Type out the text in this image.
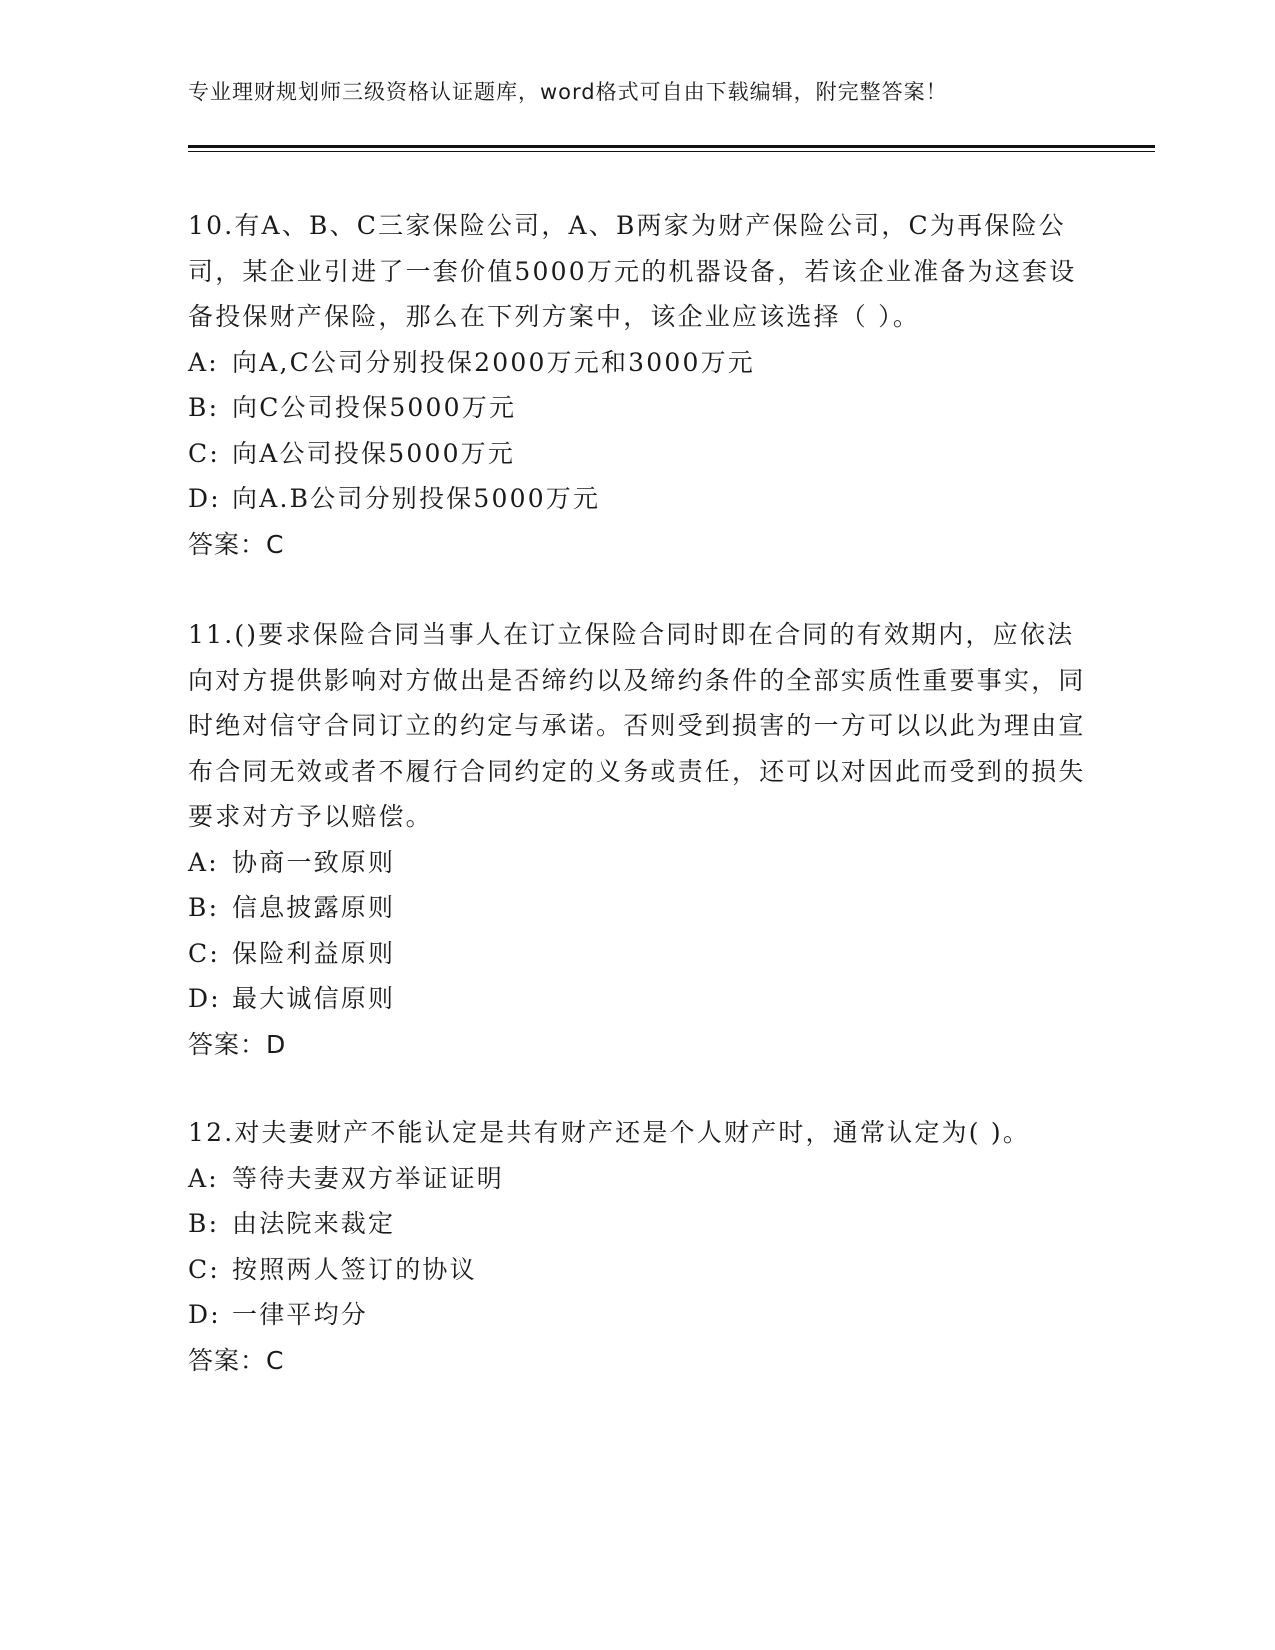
专业理财规划师三级资格认证题库，word格式可自由下载编辑，附完整答案！

10.有A、B、C三家保险公司，A、B两家为财产保险公司，C为再保险公司，某企业引进了一套价值5000万元的机器设备，若该企业准备为这套设备投保财产保险，那么在下列方案中，该企业应该选择（ ）。

A: 向A,C公司分别投保2000万元和3000万元

B: 向C公司投保5000万元

C: 向A公司投保5000万元

D: 向A.B公司分别投保5000万元

答案：C

11.()要求保险合同当事人在订立保险合同时即在合同的有效期内，应依法向对方提供影响对方做出是否缔约以及缔约条件的全部实质性重要事实，同时绝对信守合同订立的约定与承诺。否则受到损害的一方可以以此为理由宣布合同无效或者不履行合同约定的义务或责任，还可以对因此而受到的损失要求对方予以赔偿。

A: 协商一致原则

B: 信息披露原则

C: 保险利益原则

D: 最大诚信原则

答案：D

12.对夫妻财产不能认定是共有财产还是个人财产时，通常认定为( )。

A: 等待夫妻双方举证证明

B: 由法院来裁定

C: 按照两人签订的协议

D: 一律平均分

答案：C
